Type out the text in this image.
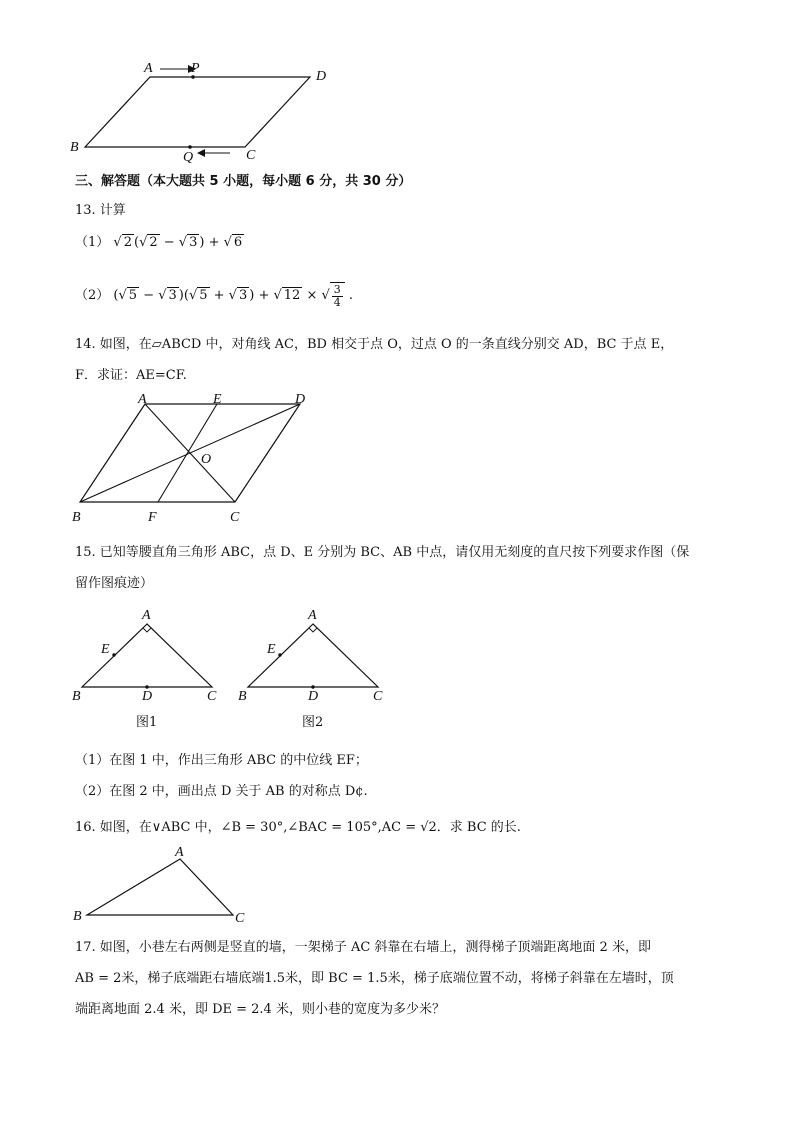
A	P
D
B
Q	C
三、解答题（本大题共 5 小题，每小题 6 分，共 30 分）
13. 计算
（1） √ 2 (√ 2 − √ 3 ) + √ 6
（2） (√ 5 − √ 3 )(√ 5 + √ 3 ) + √ 12 × √ $\frac{3}{4}$ .
14. 如图，在▱ABCD 中，对角线 AC，BD 相交于点 O，过点 O 的一条直线分别交 AD，BC 于点 E，
F．求证：AE=CF.
A	E	D
O
B	F	C
15. 已知等腰直角三角形 ABC，点 D、E 分别为 BC、AB 中点，请仅用无刻度的直尺按下列要求作图（保
留作图痕迹）
A
E
B	D	C
图1
A
E
B	D	C
图2
（1）在图 1 中，作出三角形 ABC 的中位线 EF；
（2）在图 2 中，画出点 D 关于 AB 的对称点 D¢.
16. 如图，在∨ABC 中，∠B = 30°,∠BAC = 105°,AC = √2．求 BC 的长.
A
B	C
17. 如图，小巷左右两侧是竖直的墙，一架梯子 AC 斜靠在右墙上，测得梯子顶端距离地面 2 米，即
AB = 2米，梯子底端距右墙底端1.5米，即 BC = 1.5米，梯子底端位置不动，将梯子斜靠在左墙时，顶
端距离地面 2.4 米，即 DE = 2.4 米，则小巷的宽度为多少米？
